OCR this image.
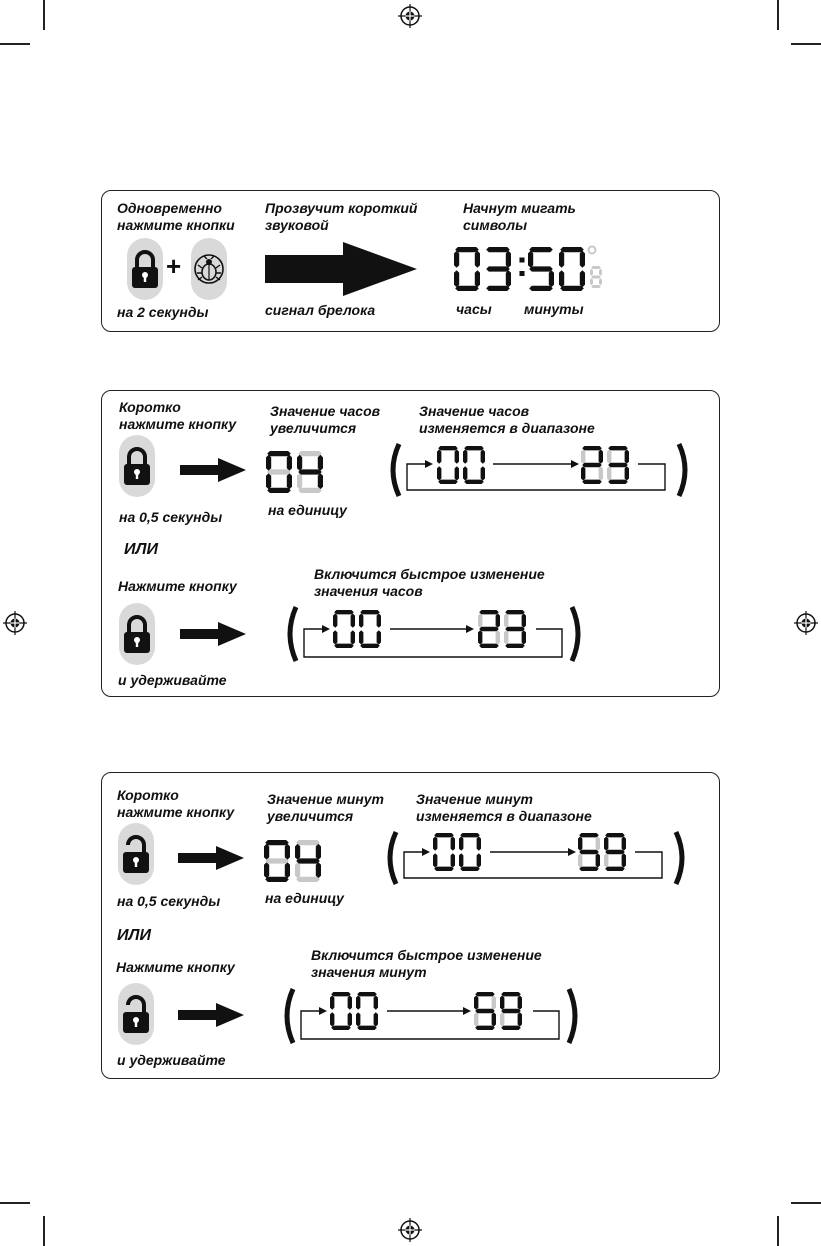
Одновременно
нажмите кнопки
+
на 2 секунды
Прозвучит короткий
звуковой
сигнал брелока
Начнут мигать
символы
:
часы минуты
Коротко
нажмите кнопку
на 0,5 секунды
Значение часов
увеличится
на единицу
Значение часов
изменяется в диапазоне
ИЛИ
Нажмите кнопку
и удерживайте
Включится быстрое изменение
значения часов
Коротко
нажмите кнопку
на 0,5 секунды
Значение минут
увеличится
на единицу
Значение минут
изменяется в диапазоне
ИЛИ
Нажмите кнопку
и удерживайте
Включится быстрое изменение
значения минут
